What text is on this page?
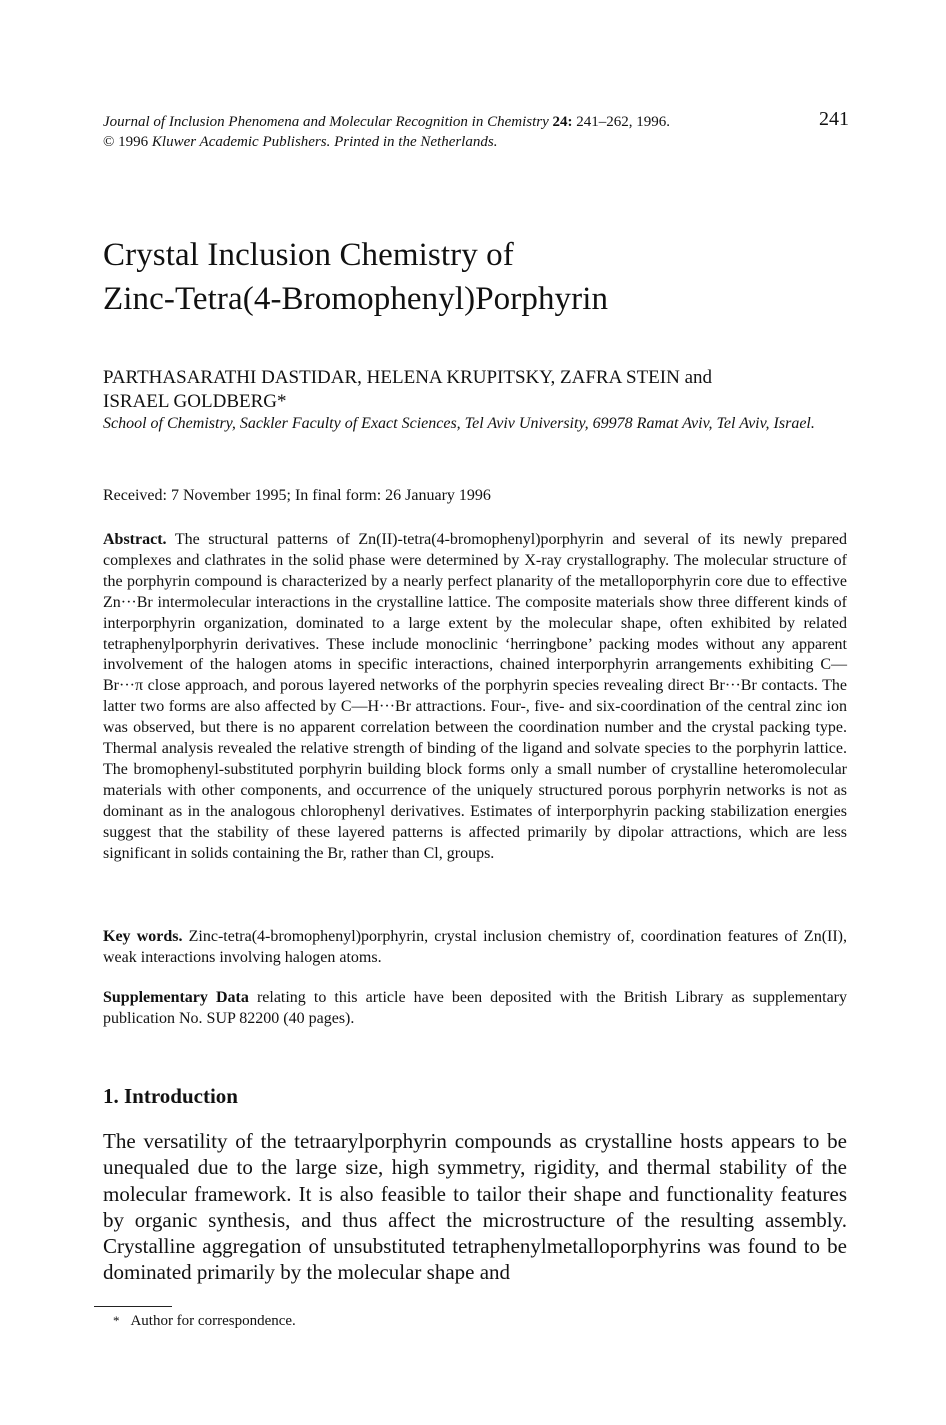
Journal of Inclusion Phenomena and Molecular Recognition in Chemistry 24: 241–262, 1996.
© 1996 Kluwer Academic Publishers. Printed in the Netherlands.
241
Crystal Inclusion Chemistry of
Zinc-Tetra(4-Bromophenyl)Porphyrin
PARTHASARATHI DASTIDAR, HELENA KRUPITSKY, ZAFRA STEIN and
ISRAEL GOLDBERG*
School of Chemistry, Sackler Faculty of Exact Sciences, Tel Aviv University, 69978 Ramat Aviv, Tel Aviv, Israel.
Received: 7 November 1995; In final form: 26 January 1996
Abstract. The structural patterns of Zn(II)-tetra(4-bromophenyl)porphyrin and several of its newly prepared complexes and clathrates in the solid phase were determined by X-ray crystallography. The molecular structure of the porphyrin compound is characterized by a nearly perfect planarity of the metalloporphyrin core due to effective Zn···Br intermolecular interactions in the crystalline lattice. The composite materials show three different kinds of interporphyrin organization, dominated to a large extent by the molecular shape, often exhibited by related tetraphenylporphyrin derivatives. These include monoclinic ‘herringbone’ packing modes without any apparent involvement of the halogen atoms in specific interactions, chained interporphyrin arrangements exhibiting C—Br···π close approach, and porous layered networks of the porphyrin species revealing direct Br···Br contacts. The latter two forms are also affected by C—H···Br attractions. Four-, five- and six-coordination of the central zinc ion was observed, but there is no apparent correlation between the coordination number and the crystal packing type. Thermal analysis revealed the relative strength of binding of the ligand and solvate species to the porphyrin lattice. The bromophenyl-substituted porphyrin building block forms only a small number of crystalline heteromolecular materials with other components, and occurrence of the uniquely structured porous porphyrin networks is not as dominant as in the analogous chlorophenyl derivatives. Estimates of interporphyrin packing stabilization energies suggest that the stability of these layered patterns is affected primarily by dipolar attractions, which are less significant in solids containing the Br, rather than Cl, groups.
Key words. Zinc-tetra(4-bromophenyl)porphyrin, crystal inclusion chemistry of, coordination features of Zn(II), weak interactions involving halogen atoms.
Supplementary Data relating to this article have been deposited with the British Library as supplementary publication No. SUP 82200 (40 pages).
1. Introduction
The versatility of the tetraarylporphyrin compounds as crystalline hosts appears to be unequaled due to the large size, high symmetry, rigidity, and thermal stability of the molecular framework. It is also feasible to tailor their shape and functionality features by organic synthesis, and thus affect the microstructure of the resulting assembly. Crystalline aggregation of unsubstituted tetraphenylmetalloporphyrins was found to be dominated primarily by the molecular shape and
* Author for correspondence.
